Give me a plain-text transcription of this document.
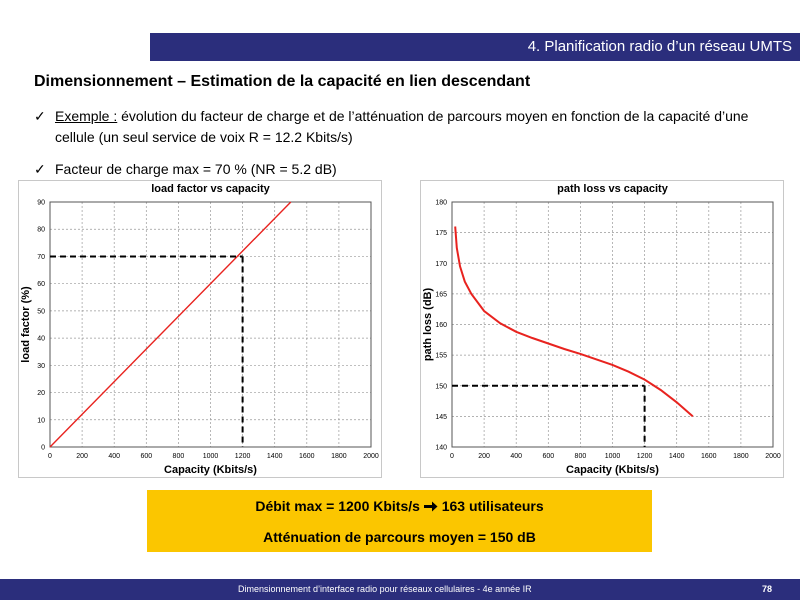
4. Planification radio d’un réseau UMTS
Dimensionnement – Estimation de la capacité en lien descendant
✓ Exemple : évolution du facteur de charge et de l’atténuation de parcours moyen en fonction de la capacité d’une
cellule (un seul service de voix R = 12.2 Kbits/s)
✓ Facteur de charge max = 70 % (NR = 5.2 dB)
load factor vs capacity
0	200	400	600	800	1000 1200 1400 1600 1800 2000
0
10
20
30
40
50
60
70
80
90
Capacity (Kbits/s)
load factor (%)
path loss vs capacity
0	200	400	600	800	1000 1200 1400 1600 1800 2000
140
145
150
155
160
165
170
175
180
Capacity (Kbits/s)
path loss (dB)
Débit max = 1200 Kbits/s 163 utilisateurs
Atténuation de parcours moyen = 150 dB
Dimensionnement d’interface radio pour réseaux cellulaires - 4e année IR	78
